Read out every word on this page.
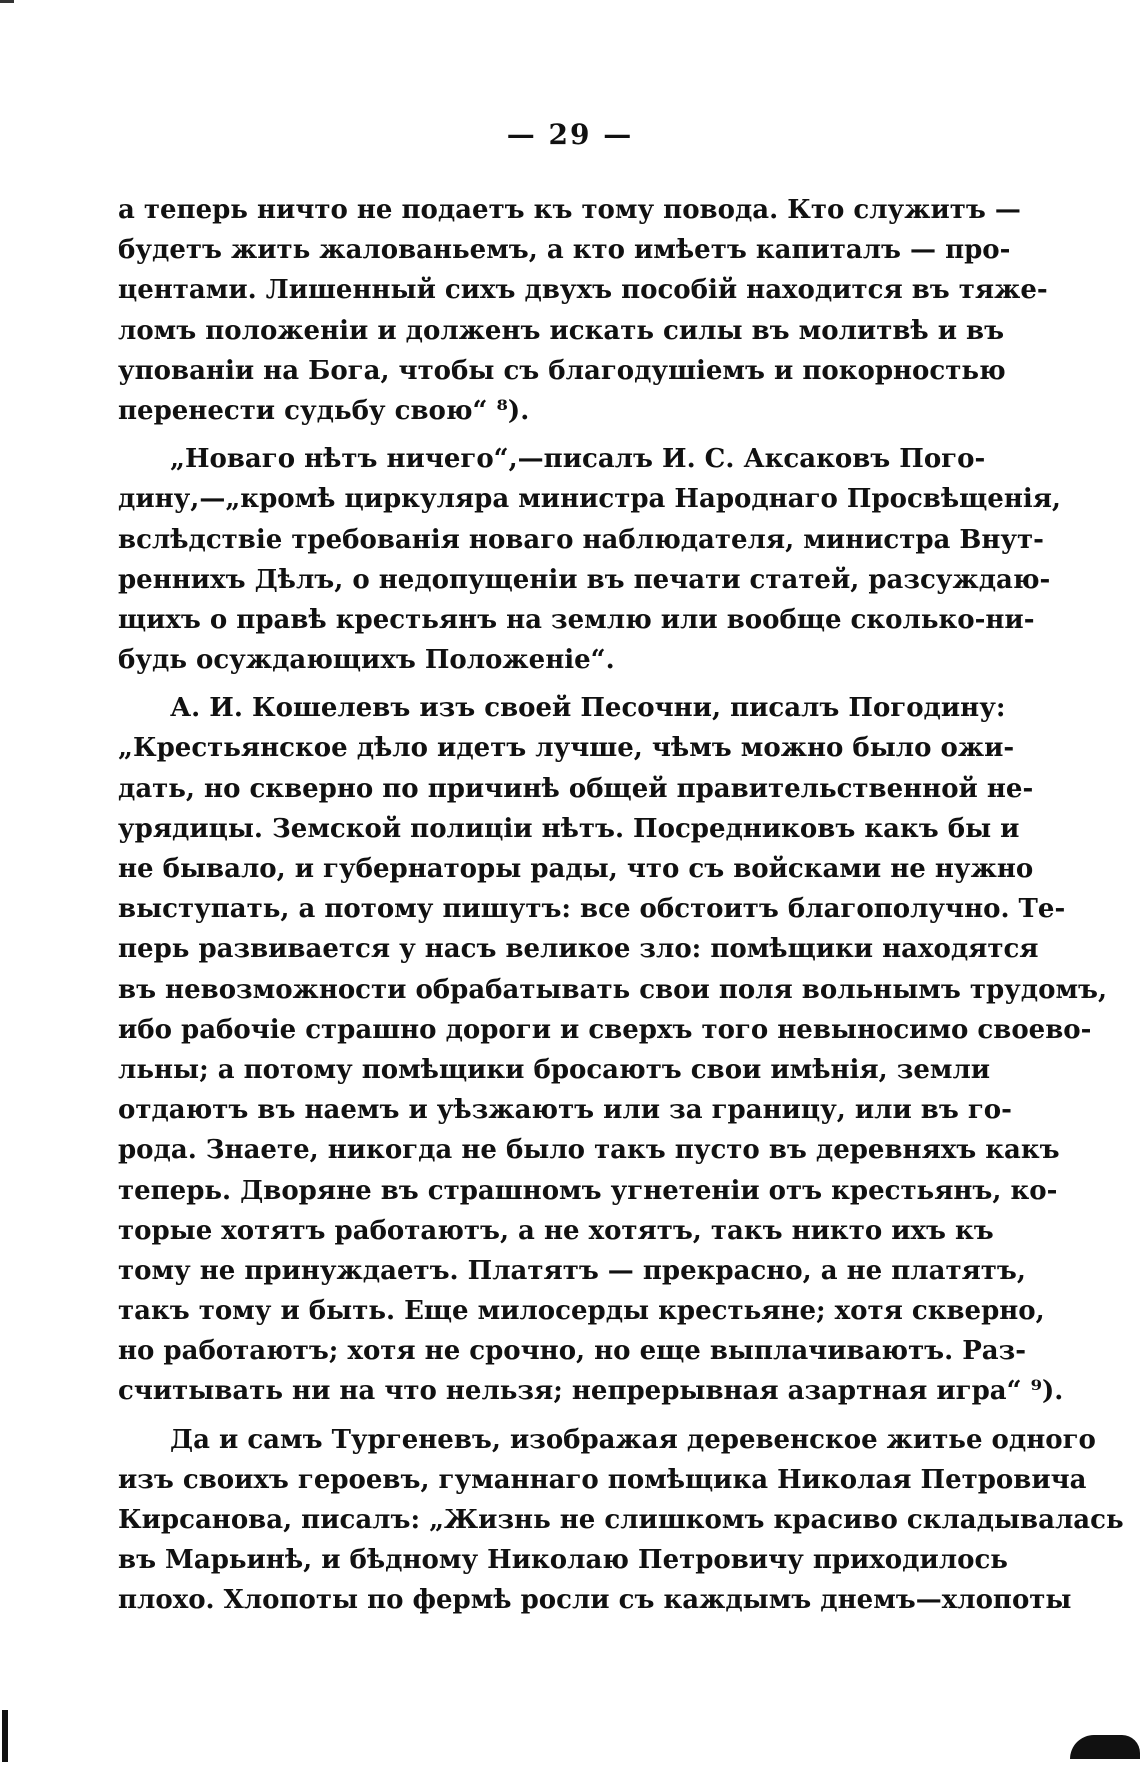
— 29 —
а теперь ничто не подаетъ къ тому повода. Кто служитъ —
будетъ жить жалованьемъ, а кто имѣетъ капиталъ — про-
центами. Лишенный сихъ двухъ пособій находится въ тяже-
ломъ положеніи и долженъ искать силы въ молитвѣ и въ
упованіи на Бога, чтобы съ благодушіемъ и покорностью
перенести судьбу свою“ ⁸).
„Новаго нѣтъ ничего“,—писалъ И. С. Аксаковъ Пого-
дину,—„кромѣ циркуляра министра Народнаго Просвѣщенія,
вслѣдствіе требованія новаго наблюдателя, министра Внут-
реннихъ Дѣлъ, о недопущеніи въ печати статей, разсуждаю-
щихъ о правѣ крестьянъ на землю или вообще сколько-ни-
будь осуждающихъ Положеніе“.
А. И. Кошелевъ изъ своей Песочни, писалъ Погодину:
„Крестьянское дѣло идетъ лучше, чѣмъ можно было ожи-
дать, но скверно по причинѣ общей правительственной не-
урядицы. Земской полиціи нѣтъ. Посредниковъ какъ бы и
не бывало, и губернаторы рады, что съ войсками не нужно
выступать, а потому пишутъ: все обстоитъ благополучно. Те-
перь развивается у насъ великое зло: помѣщики находятся
въ невозможности обрабатывать свои поля вольнымъ трудомъ,
ибо рабочіе страшно дороги и сверхъ того невыносимо своево-
льны; а потому помѣщики бросаютъ свои имѣнія, земли
отдаютъ въ наемъ и уѣзжаютъ или за границу, или въ го-
рода. Знаете, никогда не было такъ пусто въ деревняхъ какъ
теперь. Дворяне въ страшномъ угнетеніи отъ крестьянъ, ко-
торые хотятъ работаютъ, а не хотятъ, такъ никто ихъ къ
тому не принуждаетъ. Платятъ — прекрасно, а не платятъ,
такъ тому и быть. Еще милосерды крестьяне; хотя скверно,
но работаютъ; хотя не срочно, но еще выплачиваютъ. Раз-
считывать ни на что нельзя; непрерывная азартная игра“ ⁹).
Да и самъ Тургеневъ, изображая деревенское житье одного
изъ своихъ героевъ, гуманнаго помѣщика Николая Петровича
Кирсанова, писалъ: „Жизнь не слишкомъ красиво складывалась
въ Марьинѣ, и бѣдному Николаю Петровичу приходилось
плохо. Хлопоты по фермѣ росли съ каждымъ днемъ—хлопоты
